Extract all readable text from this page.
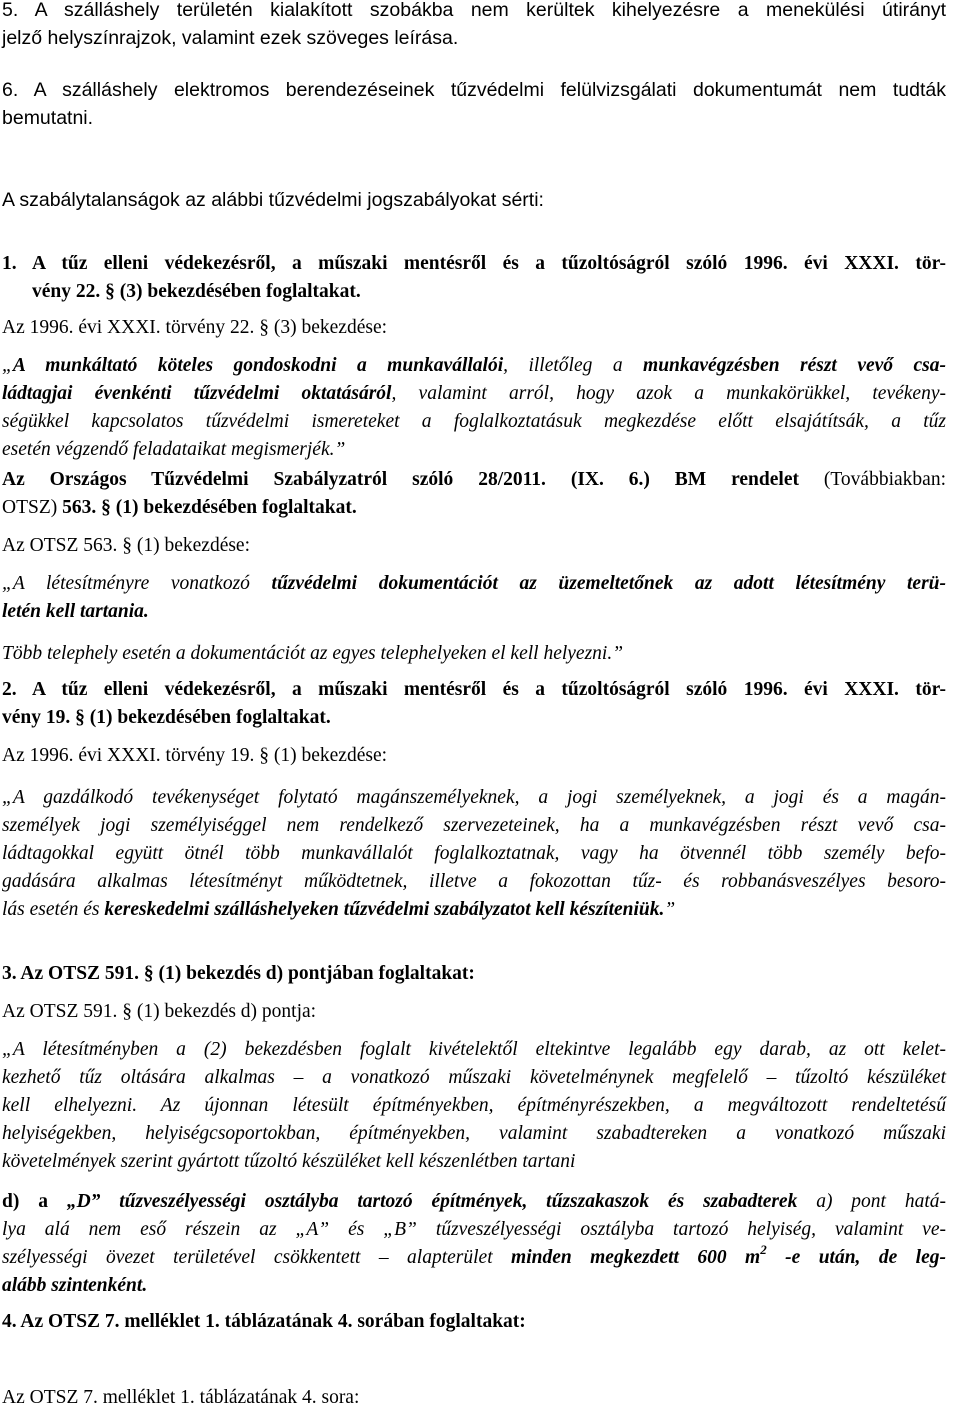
5. A szálláshely területén kialakított szobákba nem kerültek kihelyezésre a menekülési útirányt

jelző helyszínrajzok, valamint ezek szöveges leírása.

6. A szálláshely elektromos berendezéseinek tűzvédelmi felülvizsgálati dokumentumát nem tudták

bemutatni.

A szabálytalanságok az alábbi tűzvédelmi jogszabályokat sérti:

1. A tűz elleni védekezésről, a műszaki mentésről és a tűzoltóságról szóló 1996. évi XXXI. tör-

vény 22. § (3) bekezdésében foglaltakat.

Az 1996. évi XXXI. törvény 22. § (3) bekezdése:

„A munkáltató köteles gondoskodni a munkavállalói, illetőleg a munkavégzésben részt vevő csa-
ládtagjai évenkénti tűzvédelmi oktatásáról, valamint arról, hogy azok a munkakörükkel, tevékeny-
ségükkel kapcsolatos tűzvédelmi ismereteket a foglalkoztatásuk megkezdése előtt elsajátítsák, a tűz
esetén végzendő feladataikat megismerjék.”

Az Országos Tűzvédelmi Szabályzatról szóló 28/2011. (IX. 6.) BM rendelet (Továbbiakban:

OTSZ) 563. § (1) bekezdésében foglaltakat.

Az OTSZ 563. § (1) bekezdése:

„A létesítményre vonatkozó tűzvédelmi dokumentációt az üzemeltetőnek az adott létesítmény terü-
letén kell tartania.

Több telephely esetén a dokumentációt az egyes telephelyeken el kell helyezni.”

2. A tűz elleni védekezésről, a műszaki mentésről és a tűzoltóságról szóló 1996. évi XXXI. tör-

vény 19. § (1) bekezdésében foglaltakat.

Az 1996. évi XXXI. törvény 19. § (1) bekezdése:

„A gazdálkodó tevékenységet folytató magánszemélyeknek, a jogi személyeknek, a jogi és a magán-
személyek jogi személyiséggel nem rendelkező szervezeteinek, ha a munkavégzésben részt vevő csa-
ládtagokkal együtt ötnél több munkavállalót foglalkoztatnak, vagy ha ötvennél több személy befo-
gadására alkalmas létesítményt működtetnek, illetve a fokozottan tűz- és robbanásveszélyes besoro-
lás esetén és kereskedelmi szálláshelyeken tűzvédelmi szabályzatot kell készíteniük.”

3. Az OTSZ 591. § (1) bekezdés d) pontjában foglaltakat:

Az OTSZ 591. § (1) bekezdés d) pontja:

„A létesítményben a (2) bekezdésben foglalt kivételektől eltekintve legalább egy darab, az ott kelet-
kezhető tűz oltására alkalmas – a vonatkozó műszaki követelménynek megfelelő – tűzoltó készüléket
kell elhelyezni. Az újonnan létesült építményekben, építményrészekben, a megváltozott rendeltetésű
helyiségekben, helyiségcsoportokban, építményekben, valamint szabadtereken a vonatkozó műszaki
követelmények szerint gyártott tűzoltó készüléket kell készenlétben tartani
d) a „D” tűzveszélyességi osztályba tartozó építmények, tűzszakaszok és szabadterek a) pont hatá-
lya alá nem eső részein az „A” és „B” tűzveszélyességi osztályba tartozó helyiség, valamint ve-
szélyességi övezet területével csökkentett – alapterület minden megkezdett 600 $m^2$ -e után, de leg-
alább szintenként.

4. Az OTSZ 7. melléklet 1. táblázatának 4. sorában foglaltakat:

Az OTSZ 7. melléklet 1. táblázatának 4. sora:
